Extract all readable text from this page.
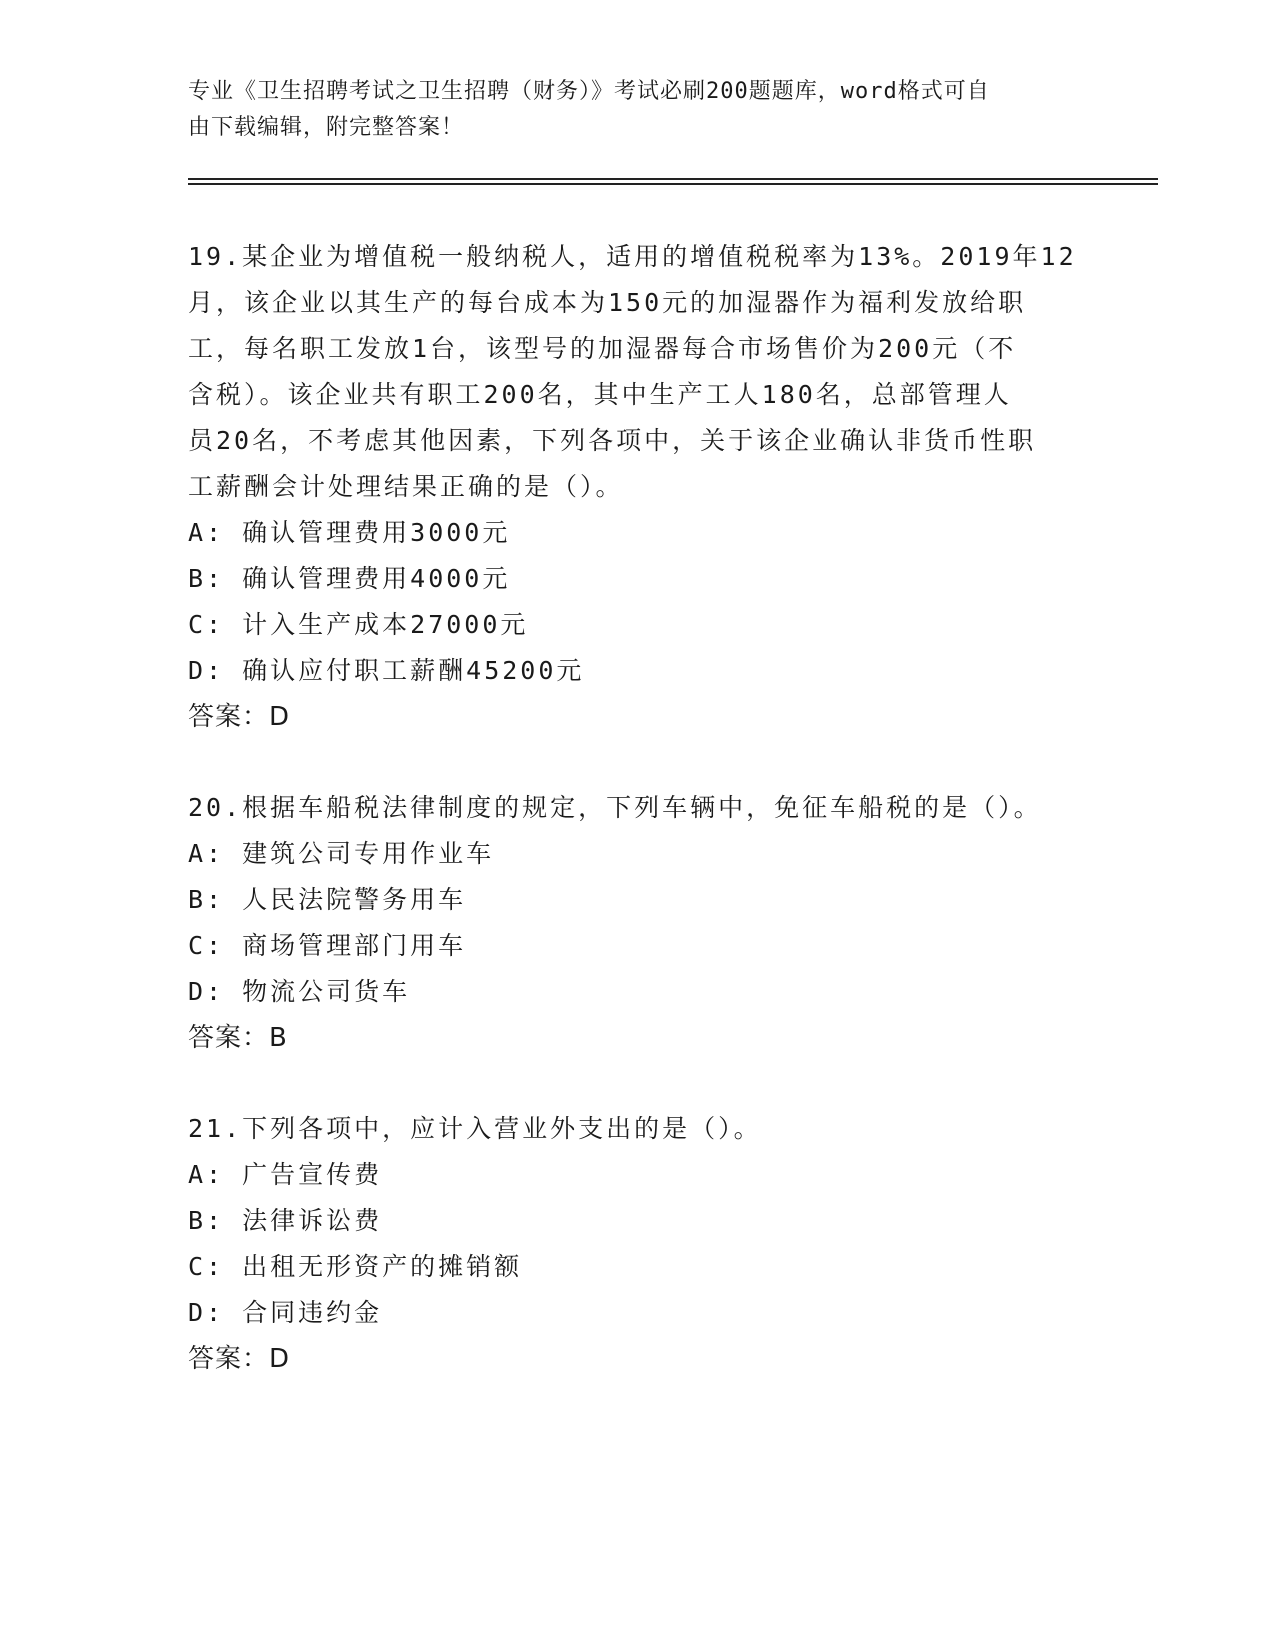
专业《卫生招聘考试之卫生招聘（财务）》考试必刷200题题库，word格式可自
由下载编辑，附完整答案！

19.某企业为增值税一般纳税人，适用的增值税税率为13%。2019年12

月，该企业以其生产的每台成本为150元的加湿器作为福利发放给职

工，每名职工发放1台，该型号的加湿器每合市场售价为200元（不

含税）。该企业共有职工200名，其中生产工人180名，总部管理人

员20名，不考虑其他因素，下列各项中，关于该企业确认非货币性职

工薪酬会计处理结果正确的是（）。

A: 确认管理费用3000元

B: 确认管理费用4000元

C: 计入生产成本27000元

D: 确认应付职工薪酬45200元

答案：D

20.根据车船税法律制度的规定，下列车辆中，免征车船税的是（）。

A: 建筑公司专用作业车

B: 人民法院警务用车

C: 商场管理部门用车

D: 物流公司货车

答案：B

21.下列各项中，应计入营业外支出的是（）。

A: 广告宣传费

B: 法律诉讼费

C: 出租无形资产的摊销额

D: 合同违约金

答案：D
